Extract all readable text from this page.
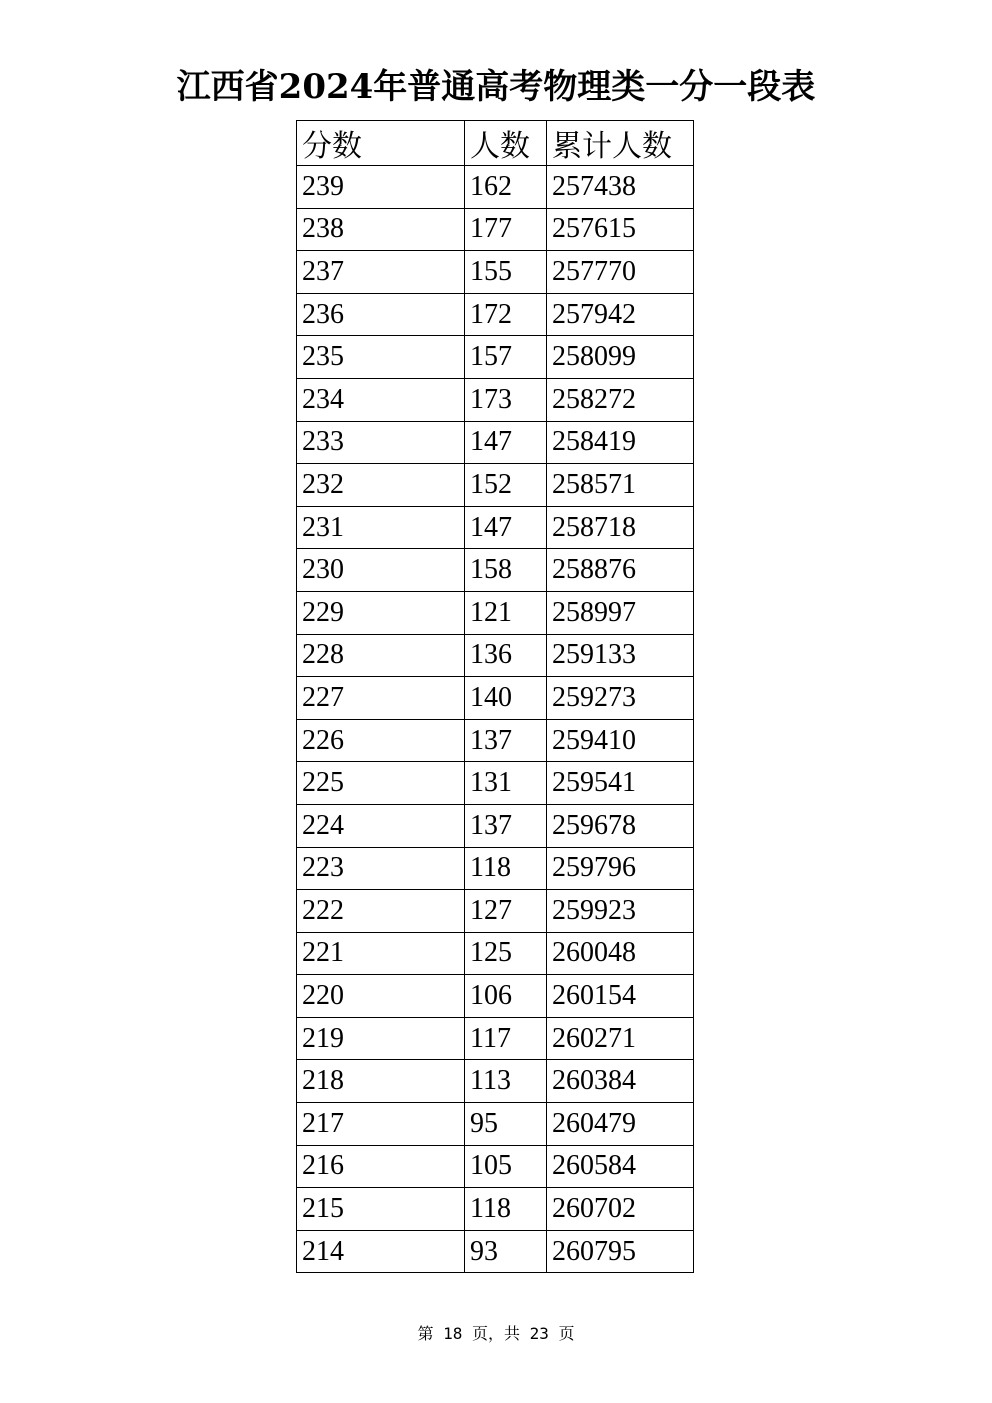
江西省2024年普通高考物理类一分一段表
分数	人数	累计人数
239	162	257438
238	177	257615
237	155	257770
236	172	257942
235	157	258099
234	173	258272
233	147	258419
232	152	258571
231	147	258718
230	158	258876
229	121	258997
228	136	259133
227	140	259273
226	137	259410
225	131	259541
224	137	259678
223	118	259796
222	127	259923
221	125	260048
220	106	260154
219	117	260271
218	113	260384
217	95	260479
216	105	260584
215	118	260702
214	93	260795
第 18 页，共 23 页
